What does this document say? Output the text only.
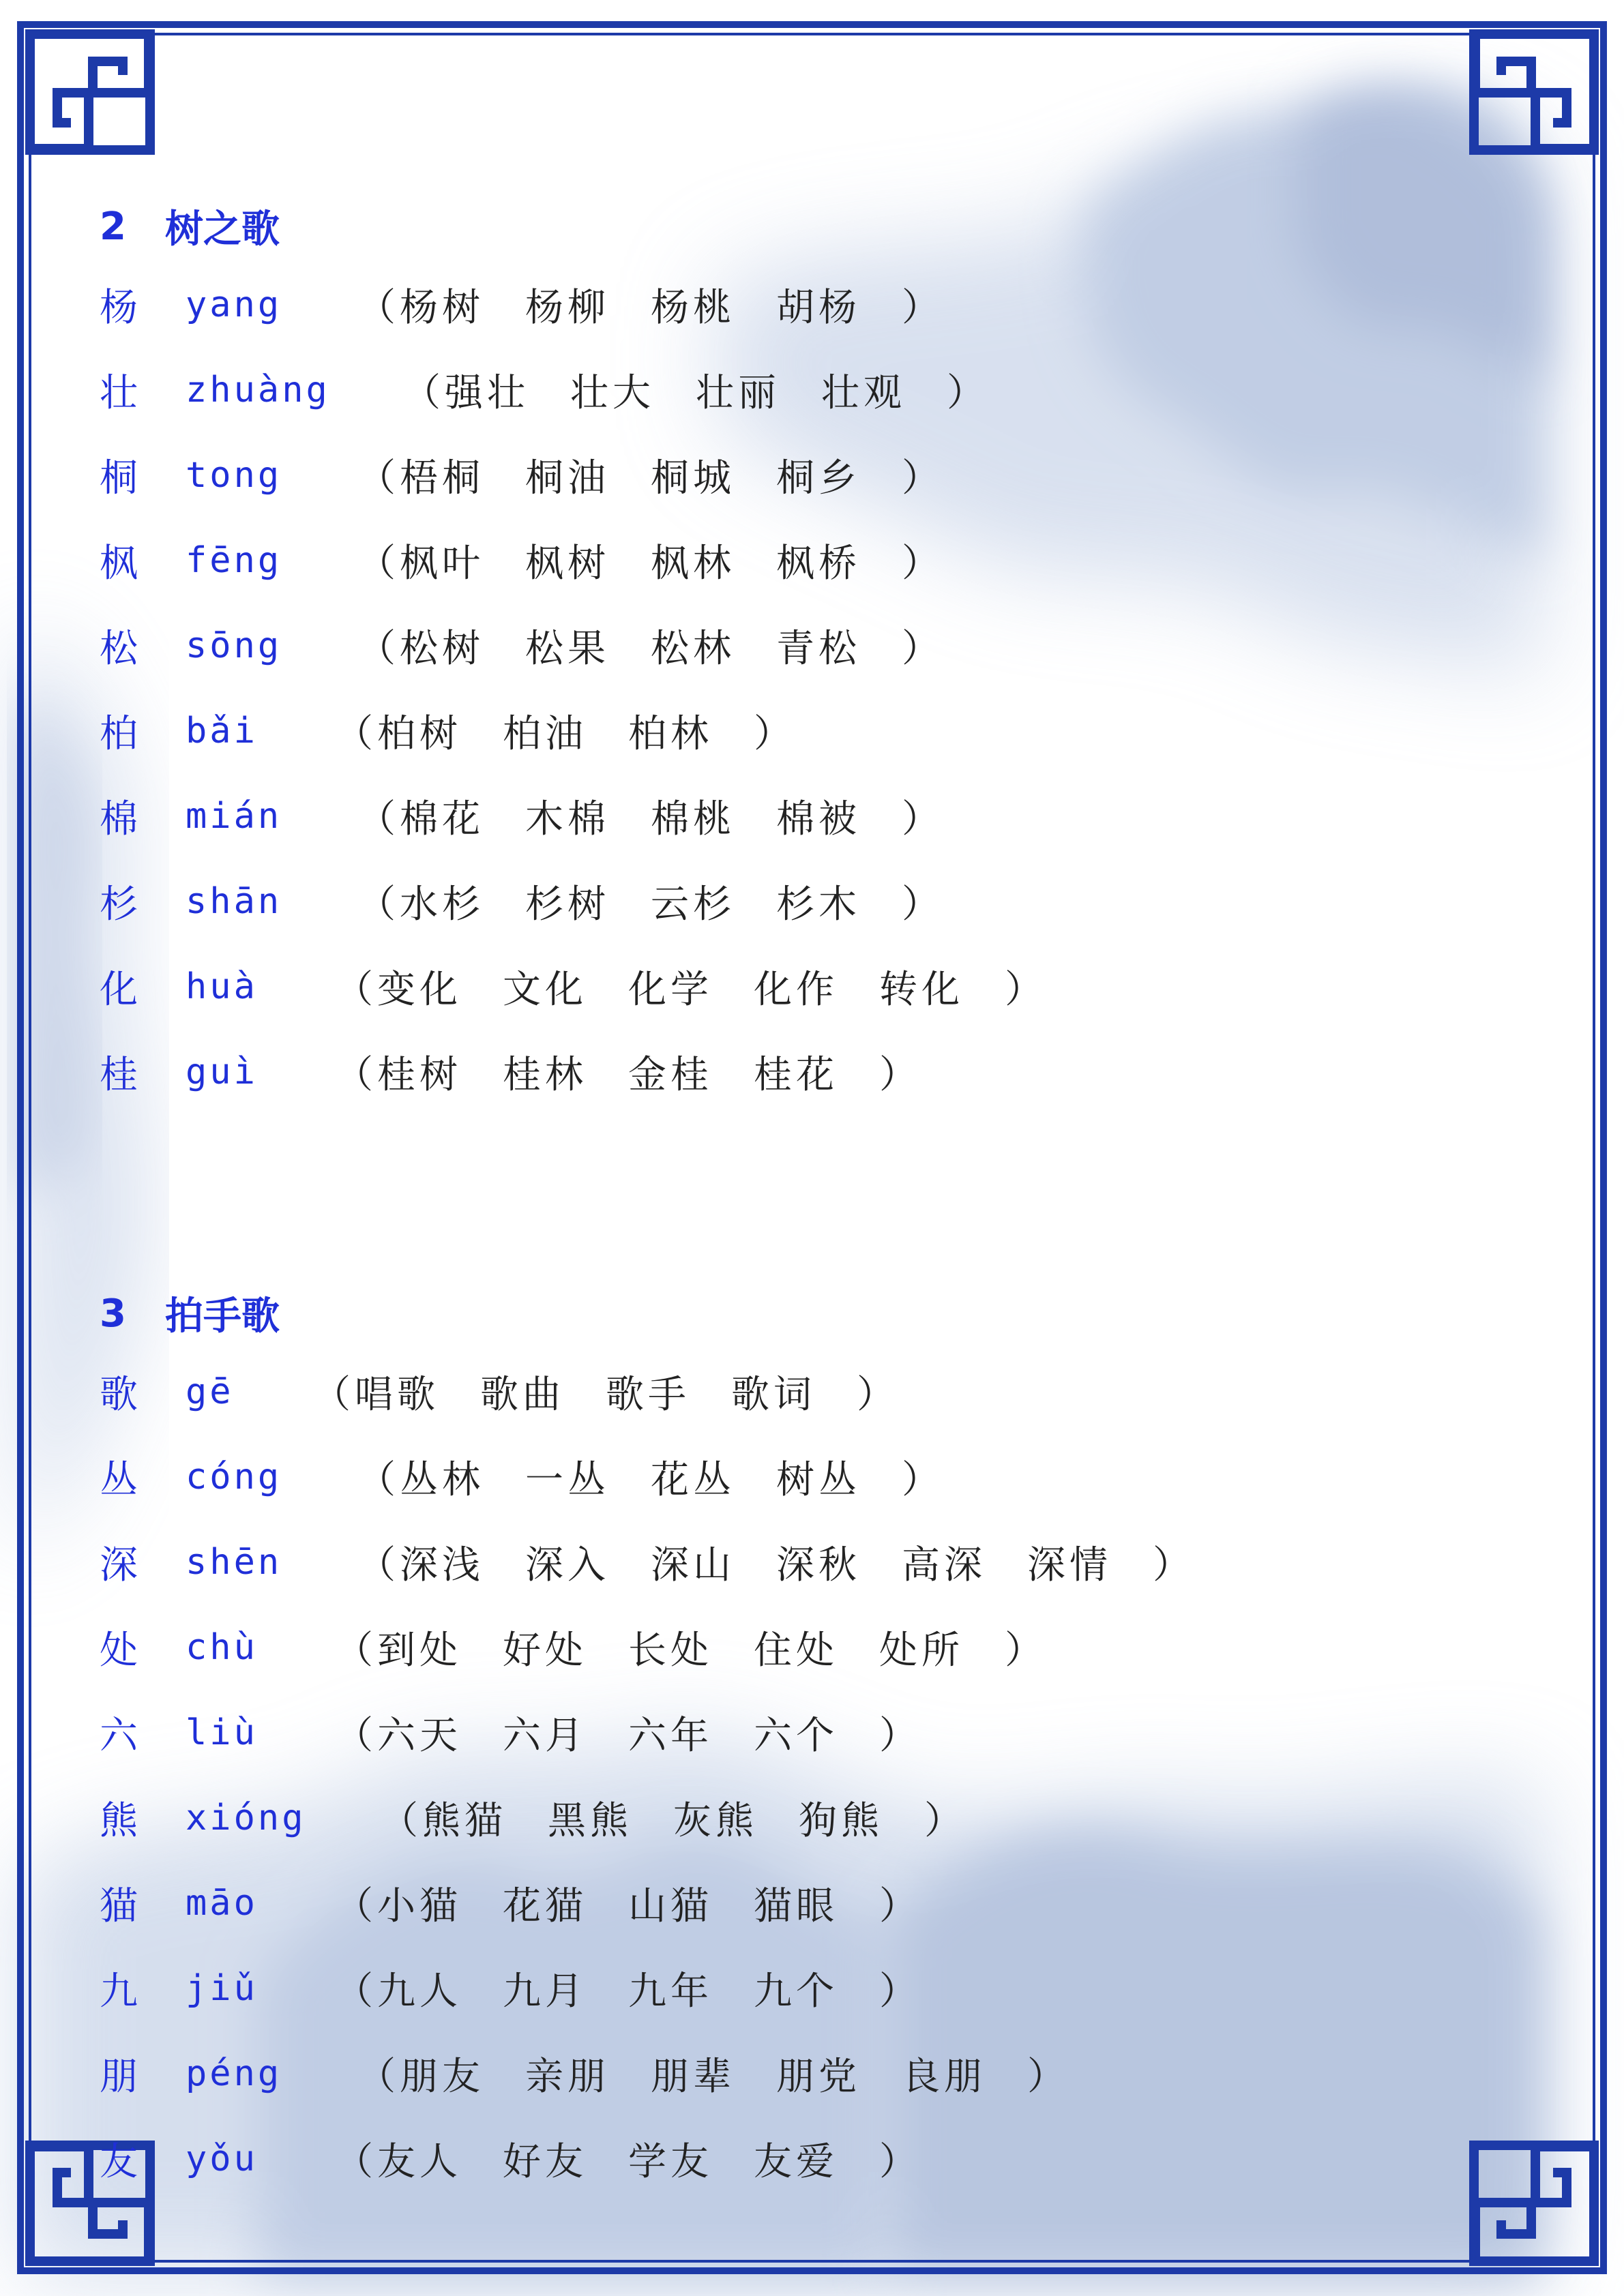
2	树之歌
杨	yang	（杨树 杨柳 杨桃 胡杨 ）
壮	zhuàng	（强壮 壮大 壮丽 壮观 ）
桐	tong	（梧桐 桐油 桐城 桐乡 ）
枫	fēng	（枫叶 枫树 枫林 枫桥 ）
松	sōng	（松树 松果 松林 青松 ）
柏	bǎi	（柏树 柏油 柏林 ）
棉	mián	（棉花 木棉 棉桃 棉被 ）
杉	shān	（水杉 杉树 云杉 杉木 ）
化	huà	（变化 文化 化学 化作 转化 ）
桂	guì	（桂树 桂林 金桂 桂花 ）
3	拍手歌
歌	gē	（唱歌 歌曲 歌手 歌词 ）
丛	cóng	（丛林 一丛 花丛 树丛 ）
深	shēn	（深浅 深入 深山 深秋 高深 深情 ）
处	chù	（到处 好处 长处 住处 处所 ）
六	liù	（六天 六月 六年 六个 ）
熊	xióng	（熊猫 黑熊 灰熊 狗熊 ）
猫	māo	（小猫 花猫 山猫 猫眼 ）
九	jiǔ	（九人 九月 九年 九个 ）
朋	péng	（朋友 亲朋 朋辈 朋党 良朋 ）
友	yǒu	（友人 好友 学友 友爱 ）
